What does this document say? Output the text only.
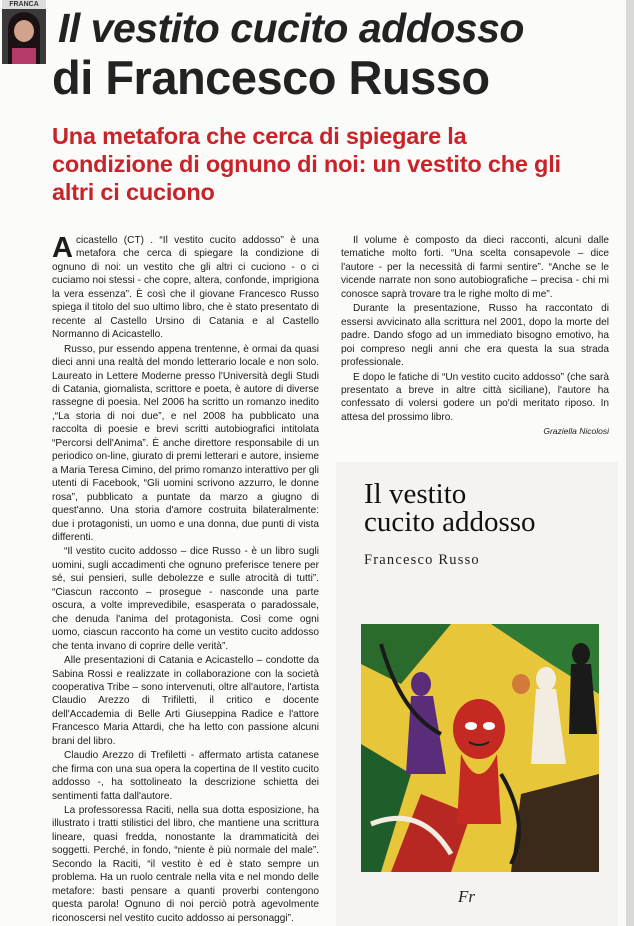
FRANCA
Il vestito cucito addosso
di Francesco Russo
Una metafora che cerca di spiegare la condizione di ognuno di noi: un vestito che gli altri ci cuciono

Acicastello (CT) . “Il vestito cucito addosso” è una metafora che cerca di spiegare la condizione di ognuno di noi: un vestito che gli altri ci cuciono - o ci cuciamo noi stessi - che copre, altera, confonde, imprigiona la vera essenza”. È così che il giovane Francesco Russo spiega il titolo del suo ultimo libro, che è stato presentato di recente al Castello Ursino di Catania e al Castello Normanno di Acicastello.

Russo, pur essendo appena trentenne, è ormai da quasi dieci anni una realtà del mondo letterario locale e non solo. Laureato in Lettere Moderne presso l'Università degli Studi di Catania, giornalista, scrittore e poeta, è autore di diverse rassegne di poesia. Nel 2006 ha scritto un romanzo inedito ,“La storia di noi due”, e nel 2008 ha pubblicato una raccolta di poesie e brevi scritti autobiografici intitolata “Percorsi dell'Anima”. È anche direttore responsabile di un periodico on-line, giurato di premi letterari e autore, insieme a Maria Teresa Cimino, del primo romanzo interattivo per gli utenti di Facebook, “Gli uomini scrivono azzurro, le donne rosa”, pubblicato a puntate da marzo a giugno di quest'anno. Una storia d'amore costruita bilateralmente: due i protagonisti, un uomo e una donna, due punti di vista differenti.

“Il vestito cucito addosso – dice Russo - è un libro sugli uomini, sugli accadimenti che ognuno preferisce tenere per sé, sui pensieri, sulle debolezze e sulle atrocità di tutti”. “Ciascun racconto – prosegue - nasconde una parte oscura, a volte imprevedibile, esasperata o paradossale, che denuda l'anima del protagonista. Così come ogni uomo, ciascun racconto ha come un vestito cucito addosso che tenta invano di coprire delle verità”.

Alle presentazioni di Catania e Acicastello – condotte da Sabina Rossi e realizzate in collaborazione con la società cooperativa Tribe – sono intervenuti, oltre all'autore, l'artista Claudio Arezzo di Trifiletti, il critico e docente dell'Accademia di Belle Arti Giuseppina Radice e l'attore Francesco Maria Attardi, che ha letto con passione alcuni brani del libro.

Claudio Arezzo di Trefiletti - affermato artista catanese che firma con una sua opera la copertina de Il vestito cucito addosso -, ha sottolineato la descrizione schietta dei sentimenti fatta dall'autore.

La professoressa Raciti, nella sua dotta esposizione, ha illustrato i tratti stilistici del libro, che mantiene una scrittura lineare, quasi fredda, nonostante la drammaticità dei soggetti. Perché, in fondo, “niente è più normale del male”. Secondo la Raciti, “il vestito è ed è stato sempre un problema. Ha un ruolo centrale nella vita e nel mondo delle metafore: basti pensare a quanti proverbi contengono questa parola! Ognuno di noi perciò potrà agevolmente riconoscersi nel vestito cucito addosso ai personaggi”.

Il volume è composto da dieci racconti, alcuni dalle tematiche molto forti. “Una scelta consapevole – dice l'autore - per la necessità di farmi sentire”. “Anche se le vicende narrate non sono autobiografiche – precisa - chi mi conosce saprà trovare tra le righe molto di me”.

Durante la presentazione, Russo ha raccontato di essersi avvicinato alla scrittura nel 2001, dopo la morte del padre. Dando sfogo ad un immediato bisogno emotivo, ha poi compreso negli anni che era questa la sua strada professionale.

E dopo le fatiche di “Un vestito cucito addosso” (che sarà presentato a breve in altre città siciliane), l'autore ha confessato di volersi godere un po'di meritato riposo. In attesa del prossimo libro.

Graziella Nicolosi

Il vestito
cucito addosso
Francesco Russo
Fr
